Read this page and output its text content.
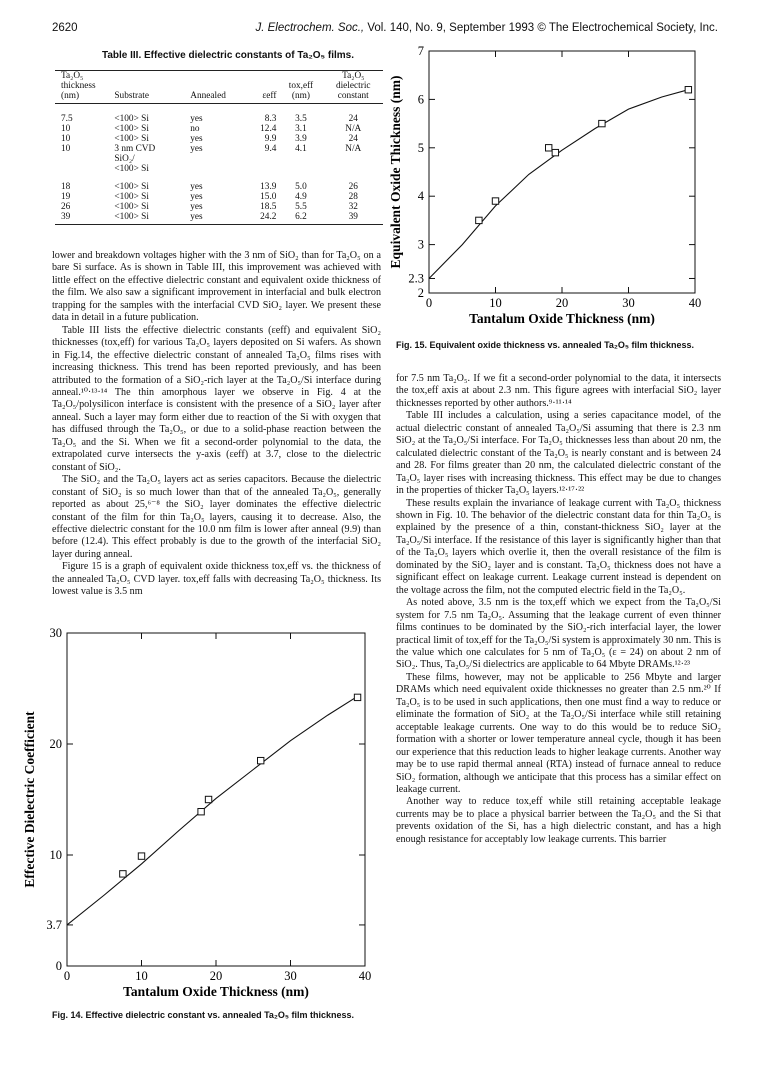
2620	J. Electrochem. Soc., Vol. 140, No. 9, September 1993 © The Electrochemical Society, Inc.
Table III. Effective dielectric constants of Ta₂O₅ films.
Ta₂O₅
thickness
(nm)	Substrate	Annealed	εeff	tox,eff
(nm)	Ta₂O₅
dielectric
constant
7.5	<100> Si	yes	8.3	3.5	24
10	<100> Si	no	12.4	3.1	N/A
10	<100> Si	yes	9.9	3.9	24
10	3 nm CVD	yes	9.4	4.1	N/A
	SiO₂/				
	<100> Si				
18	<100> Si	yes	13.9	5.0	26
19	<100> Si	yes	15.0	4.9	28
26	<100> Si	yes	18.5	5.5	32
39	<100> Si	yes	24.2	6.2	39

lower and breakdown voltages higher with the 3 nm of SiO₂ than for Ta₂O₅ on a bare Si surface. As is shown in Table III, this improvement was achieved with little effect on the effective dielectric constant and equivalent oxide thickness of the film. We also saw a significant improvement in interfacial and bulk electron trapping for the samples with the interfacial CVD SiO₂ layer. We present these data in detail in a future publication.

Table III lists the effective dielectric constants (εeff) and equivalent SiO₂ thicknesses (tox,eff) for various Ta₂O₅ layers deposited on Si wafers. As shown in Fig.14, the effective dielectric constant of annealed Ta₂O₅ films rises with increasing thickness. This trend has been reported previously, and has been attributed to the formation of a SiO₂-rich layer at the Ta₂O₅/Si interface during anneal.¹⁰·¹³·¹⁴ The thin amorphous layer we observe in Fig. 4 at the Ta₂O₅/polysilicon interface is consistent with the presence of a SiO₂ layer after anneal. Such a layer may form either due to reaction of the Si with oxygen that has diffused through the Ta₂O₅, or due to a solid-phase reaction between the Ta₂O₅ and the Si. When we fit a second-order polynomial to the data, the extrapolated curve intersects the y-axis (εeff) at 3.7, close to the dielectric constant of SiO₂.

The SiO₂ and the Ta₂O₅ layers act as series capacitors. Because the dielectric constant of SiO₂ is so much lower than that of the annealed Ta₂O₅, generally reported as about 25,⁶⁻⁸ the SiO₂ layer dominates the effective dielectric constant of the film for thin Ta₂O₅ layers, causing it to decrease. Also, the effective dielectric constant for the 10.0 nm film is lower after anneal (9.9) than before (12.4). This effect probably is due to the growth of the interfacial SiO₂ layer during anneal.

Figure 15 is a graph of equivalent oxide thickness tox,eff vs. the thickness of the annealed Ta₂O₅ CVD layer. tox,eff falls with decreasing Ta₂O₅ thickness. Its lowest value is 3.5 nm

0	10	20	30	40
0
3.7
10
20
30
Tantalum Oxide Thickness (nm)
Effective Dielectric Coefficient
Fig. 14. Effective dielectric constant vs. annealed Ta₂O₅ film thickness.
0	10	20	30	40
2
2.3
3
4
5
6
7
Tantalum Oxide Thickness (nm)
Equivalent Oxide Thickness (nm)
Fig. 15. Equivalent oxide thickness vs. annealed Ta₂O₅ film thickness.

for 7.5 nm Ta₂O₅. If we fit a second-order polynomial to the data, it intersects the tox,eff axis at about 2.3 nm. This figure agrees with interfacial SiO₂ layer thicknesses reported by other authors.⁹·¹¹·¹⁴

Table III includes a calculation, using a series capacitance model, of the actual dielectric constant of annealed Ta₂O₅/Si assuming that there is 2.3 nm SiO₂ at the Ta₂O₅/Si interface. For Ta₂O₅ thicknesses less than about 20 nm, the calculated dielectric constant of the Ta₂O₅ is nearly constant and is between 24 and 28. For films greater than 20 nm, the calculated dielectric constant of the Ta₂O₅ layer rises with increasing thickness. This effect may be due to changes in the properties of thicker Ta₂O₅ layers.¹²·¹⁷·²²

These results explain the invariance of leakage current with Ta₂O₅ thickness shown in Fig. 10. The behavior of the dielectric constant data for thin Ta₂O₅ is explained by the presence of a thin, constant-thickness SiO₂ layer at the Ta₂O₅/Si interface. If the resistance of this layer is significantly higher than that of the Ta₂O₅ layers which overlie it, then the overall resistance of the film is dominated by the SiO₂ layer and is constant. Ta₂O₅ thickness does not have a significant effect on leakage current. Leakage current instead is dependent on the voltage across the film, not the computed electric field in the Ta₂O₅.

As noted above, 3.5 nm is the tox,eff which we expect from the Ta₂O₅/Si system for 7.5 nm Ta₂O₅. Assuming that the leakage current of even thinner films continues to be dominated by the SiO₂-rich interfacial layer, the lower practical limit of tox,eff for the Ta₂O₅/Si system is approximately 30 nm. This is the value which one calculates for 5 nm of Ta₂O₅ (ε = 24) on about 2 nm of SiO₂. Thus, Ta₂O₅/Si dielectrics are applicable to 64 Mbyte DRAMs.¹²·²³

These films, however, may not be applicable to 256 Mbyte and larger DRAMs which need equivalent oxide thicknesses no greater than 2.5 nm.²⁰ If Ta₂O₅ is to be used in such applications, then one must find a way to reduce or eliminate the formation of SiO₂ at the Ta₂O₅/Si interface while still retaining acceptable leakage currents. One way to do this would be to reduce SiO₂ formation with a shorter or lower temperature anneal cycle, though it has been our experience that this reduction leads to higher leakage currents. Another way may be to use rapid thermal anneal (RTA) instead of furnace anneal to reduce SiO₂ formation, although we anticipate that this process has a similar effect on leakage current.

Another way to reduce tox,eff while still retaining acceptable leakage currents may be to place a physical barrier between the Ta₂O₅ and the Si that prevents oxidation of the Si, has a high dielectric constant, and has a high enough resistance for acceptably low leakage currents. This barrier
